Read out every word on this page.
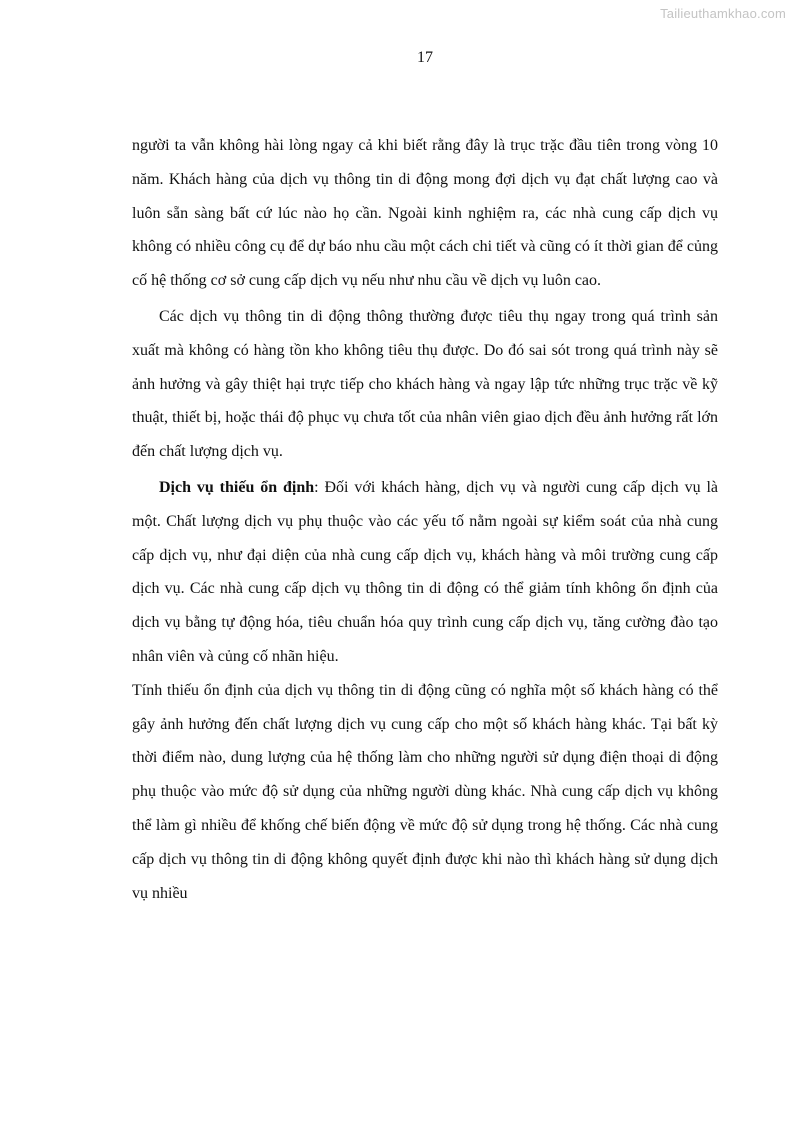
Tailieuthamkhao.com
17

người ta vẫn không hài lòng ngay cả khi biết rằng đây là trục trặc đầu tiên trong vòng 10 năm. Khách hàng của dịch vụ thông tin di động mong đợi dịch vụ đạt chất lượng cao và luôn sẵn sàng bất cứ lúc nào họ cần. Ngoài kinh nghiệm ra, các nhà cung cấp dịch vụ không có nhiều công cụ để dự báo nhu cầu một cách chi tiết và cũng có ít thời gian để củng cố hệ thống cơ sở cung cấp dịch vụ nếu như nhu cầu về dịch vụ luôn cao.

Các dịch vụ thông tin di động thông thường được tiêu thụ ngay trong quá trình sản xuất mà không có hàng tồn kho không tiêu thụ được. Do đó sai sót trong quá trình này sẽ ảnh hưởng và gây thiệt hại trực tiếp cho khách hàng và ngay lập tức những trục trặc về kỹ thuật, thiết bị, hoặc thái độ phục vụ chưa tốt của nhân viên giao dịch đều ảnh hưởng rất lớn đến chất lượng dịch vụ.

Dịch vụ thiếu ổn định: Đối với khách hàng, dịch vụ và người cung cấp dịch vụ là một. Chất lượng dịch vụ phụ thuộc vào các yếu tố nằm ngoài sự kiểm soát của nhà cung cấp dịch vụ, như đại diện của nhà cung cấp dịch vụ, khách hàng và môi trường cung cấp dịch vụ. Các nhà cung cấp dịch vụ thông tin di động có thể giảm tính không ổn định của dịch vụ bằng tự động hóa, tiêu chuẩn hóa quy trình cung cấp dịch vụ, tăng cường đào tạo nhân viên và củng cố nhãn hiệu.

Tính thiếu ổn định của dịch vụ thông tin di động cũng có nghĩa một số khách hàng có thể gây ảnh hưởng đến chất lượng dịch vụ cung cấp cho một số khách hàng khác. Tại bất kỳ thời điểm nào, dung lượng của hệ thống làm cho những người sử dụng điện thoại di động phụ thuộc vào mức độ sử dụng của những người dùng khác. Nhà cung cấp dịch vụ không thể làm gì nhiều để khống chế biến động về mức độ sử dụng trong hệ thống. Các nhà cung cấp dịch vụ thông tin di động không quyết định được khi nào thì khách hàng sử dụng dịch vụ nhiều
